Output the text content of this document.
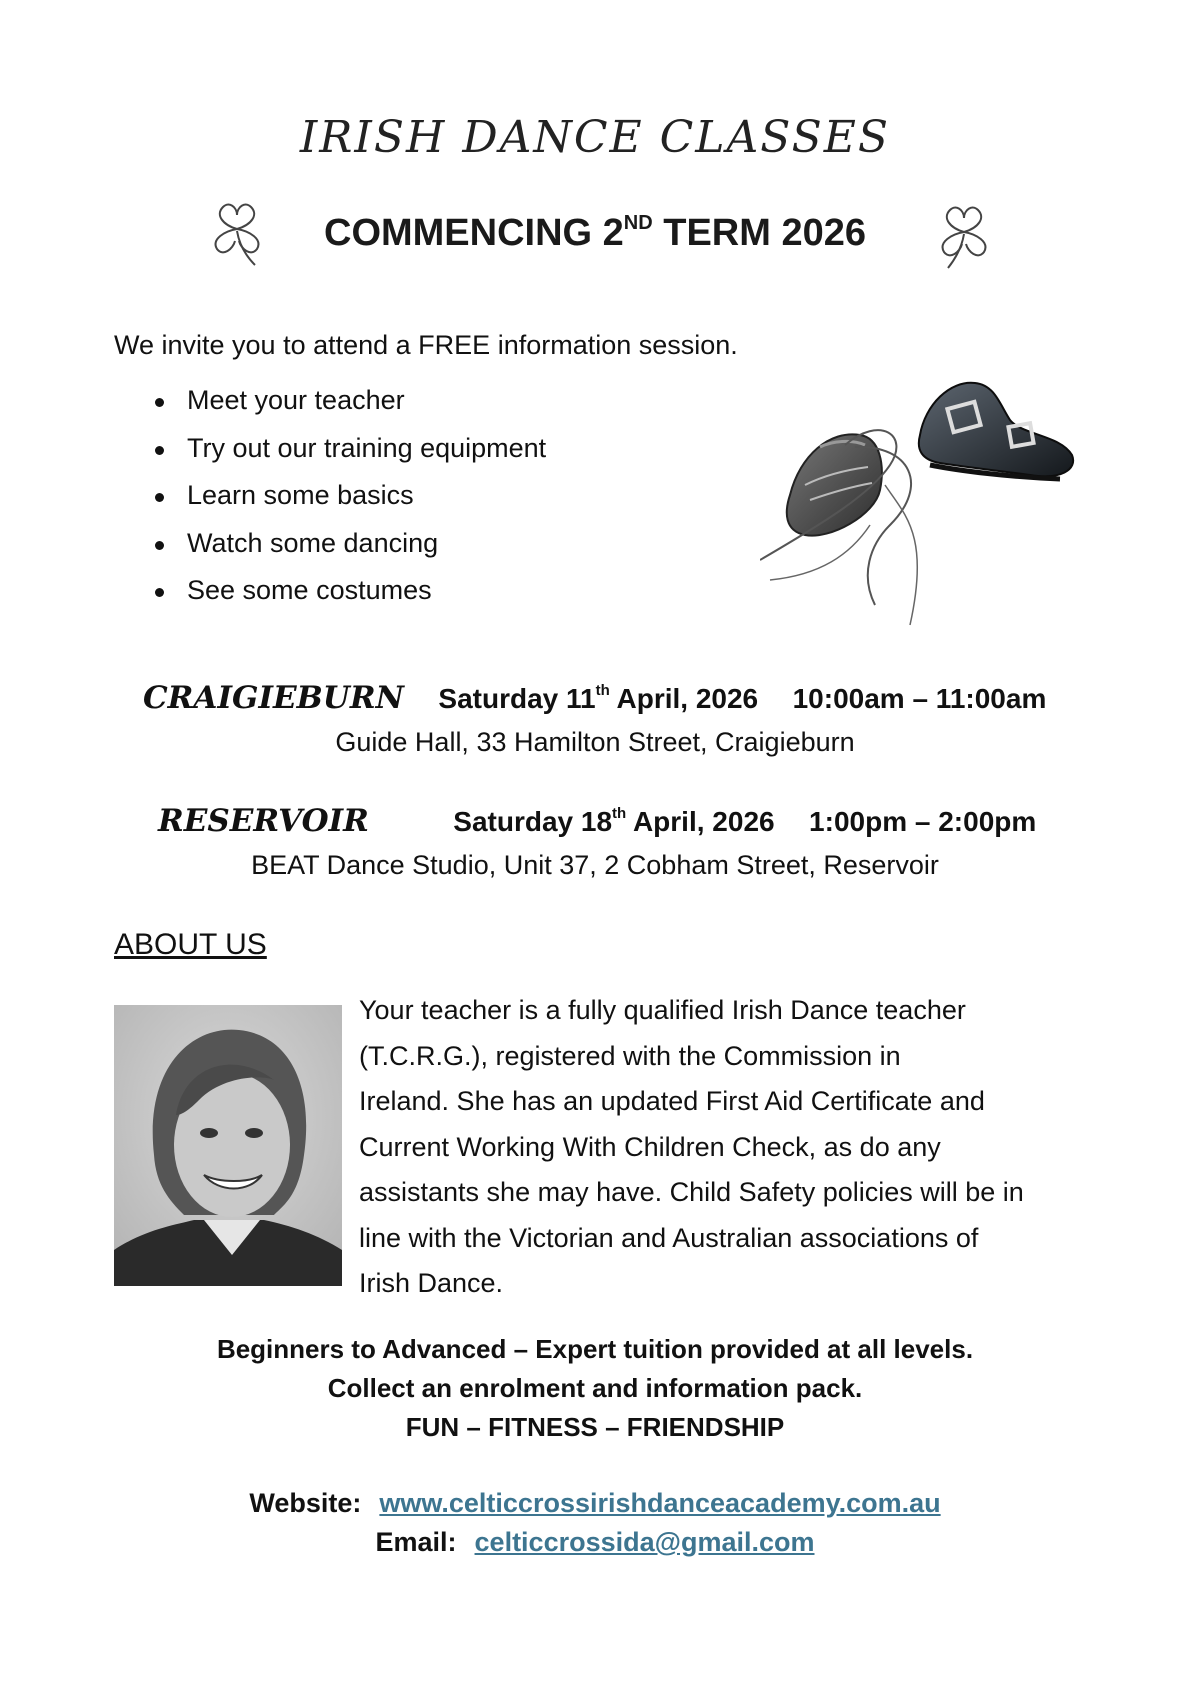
IRISH DANCE CLASSES
COMMENCING 2ND TERM 2026
We invite you to attend a FREE information session.
Meet your teacher
Try out our training equipment
Learn some basics
Watch some dancing
See some costumes
CRAIGIEBURN Saturday 11th April, 2026 10:00am – 11:00am
Guide Hall, 33 Hamilton Street, Craigieburn
RESERVOIR	Saturday 18th April, 2026 1:00pm – 2:00pm
BEAT Dance Studio, Unit 37, 2 Cobham Street, Reservoir
ABOUT US
Your teacher is a fully qualified Irish Dance teacher
(T.C.R.G.), registered with the Commission in
Ireland. She has an updated First Aid Certificate and
Current Working With Children Check, as do any
assistants she may have. Child Safety policies will be in
line with the Victorian and Australian associations of
Irish Dance.
Beginners to Advanced – Expert tuition provided at all levels.
Collect an enrolment and information pack.
FUN – FITNESS – FRIENDSHIP
Website: www.celticcrossirishdanceacademy.com.au
Email: celticcrossida@gmail.com
